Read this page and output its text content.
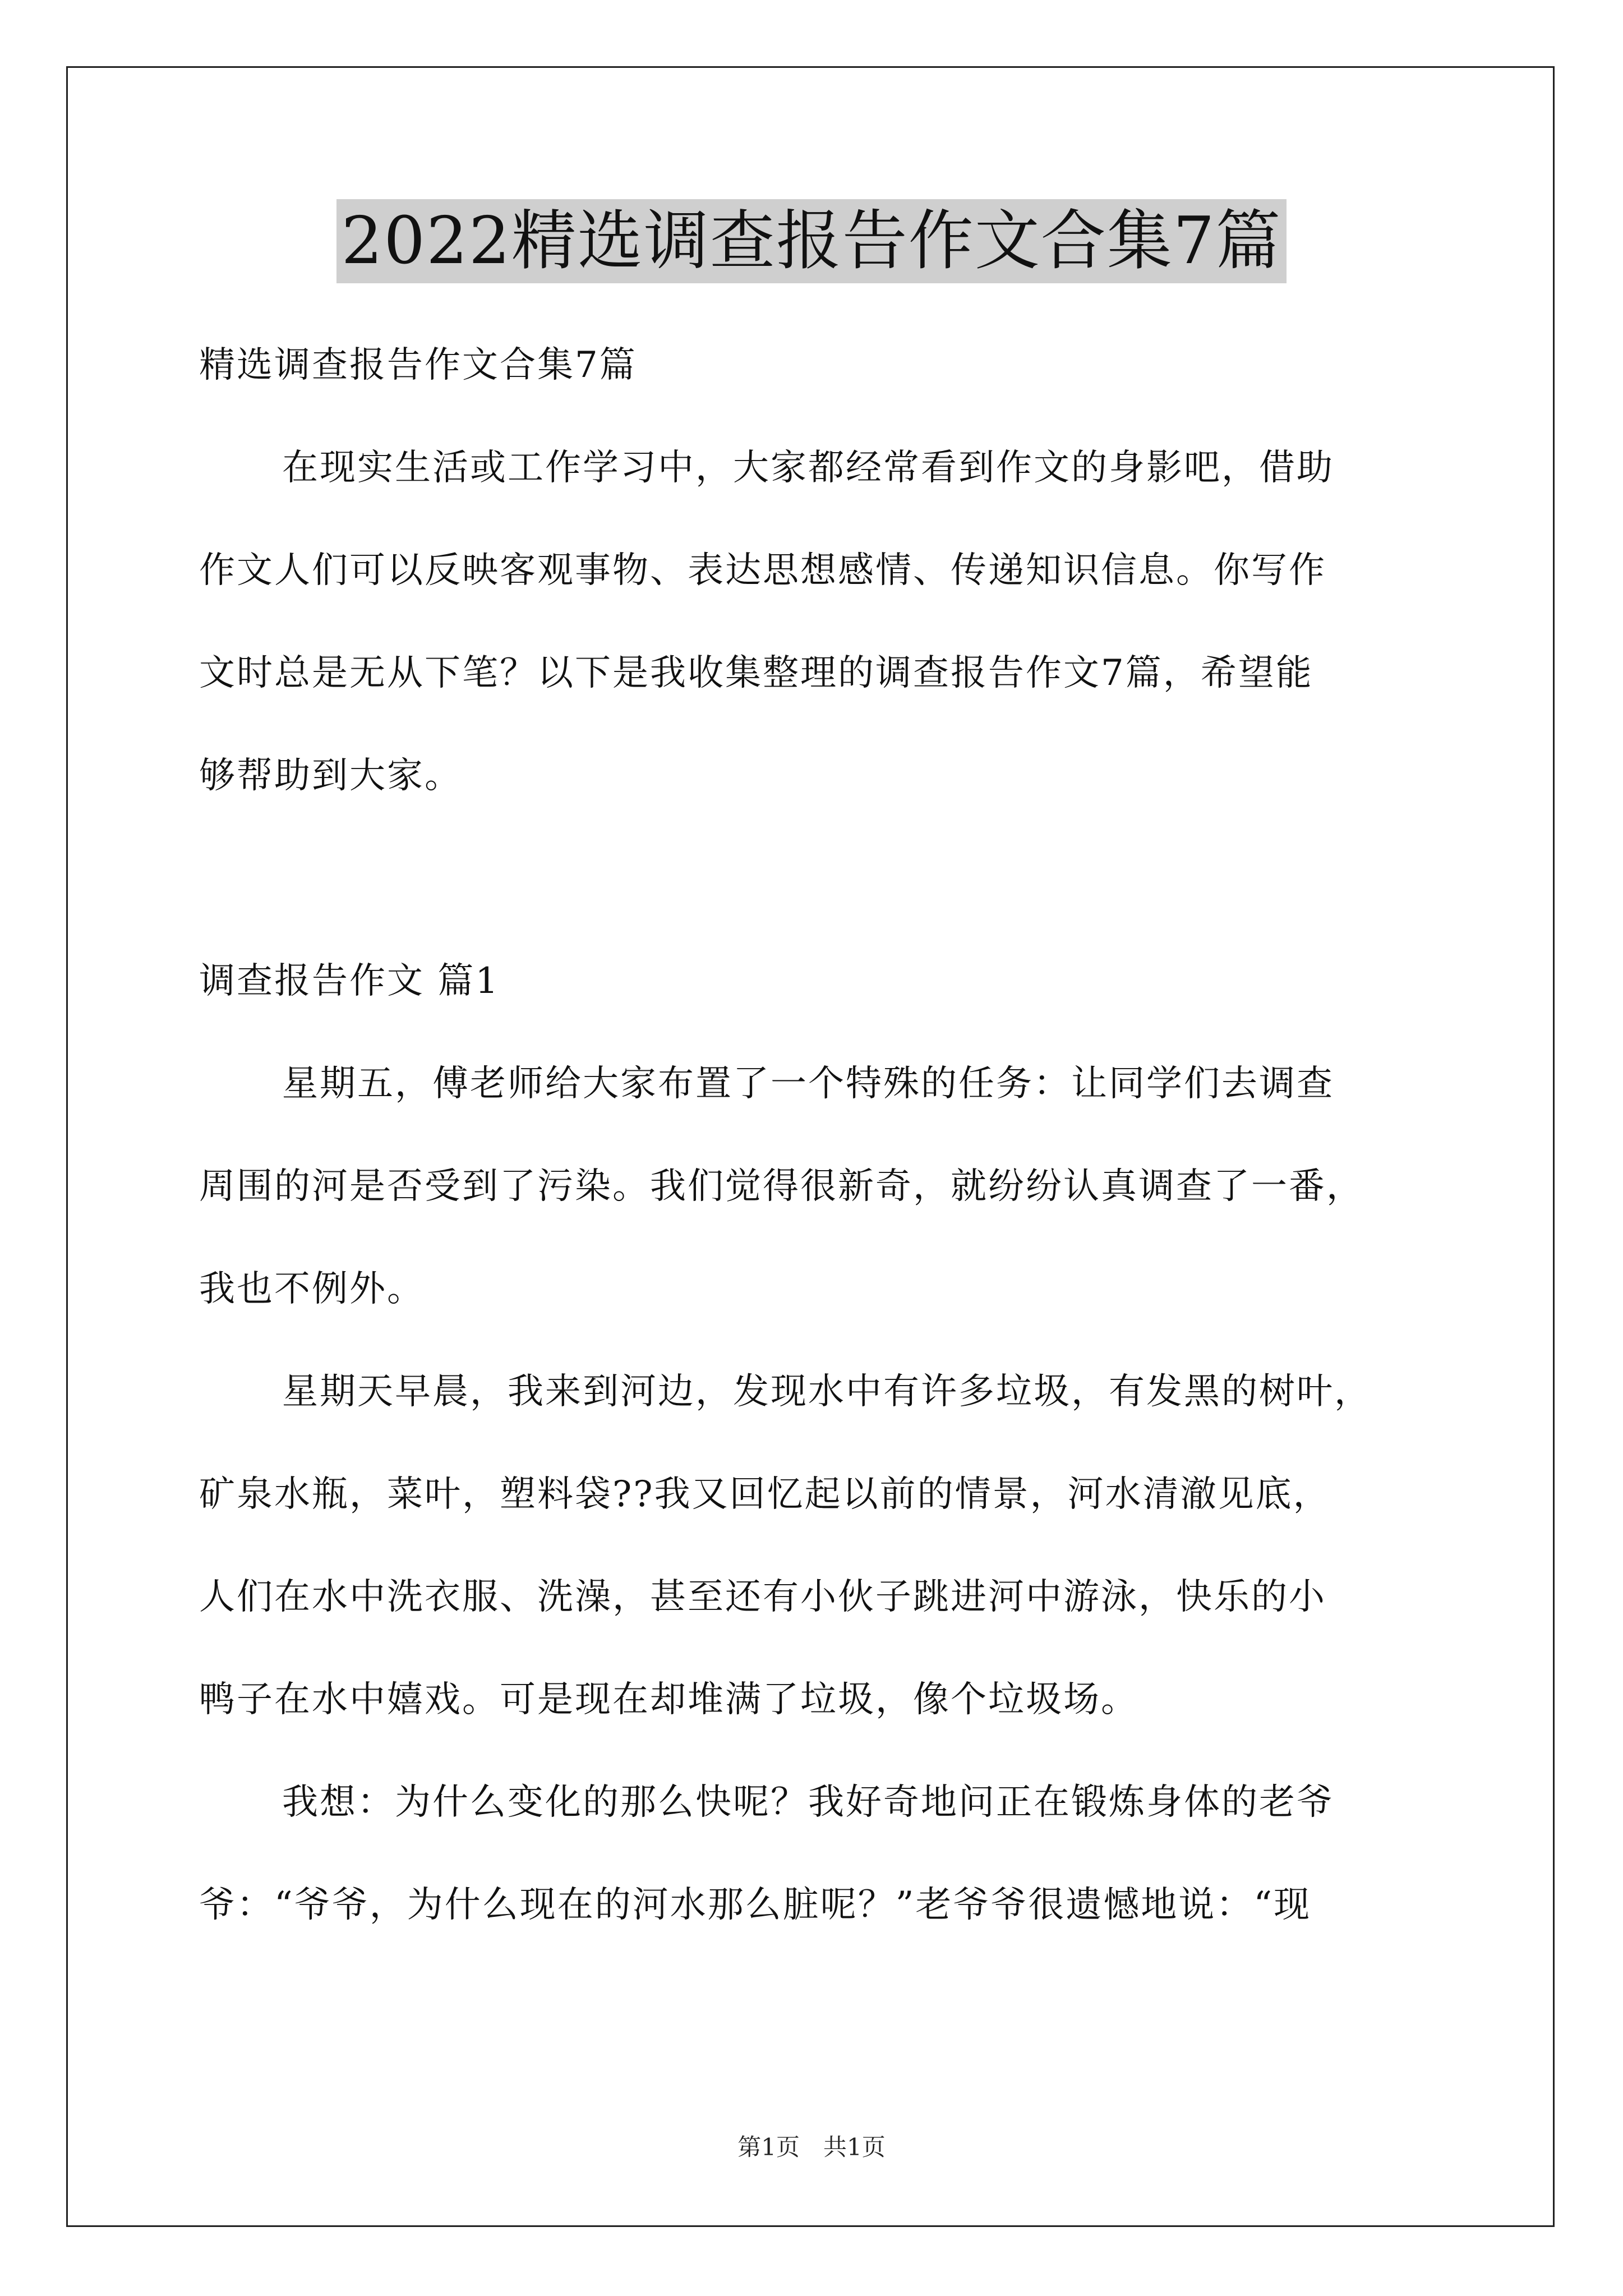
2022精选调查报告作文合集7篇
精选调查报告作文合集7篇
在现实生活或工作学习中，大家都经常看到作文的身影吧，借助
作文人们可以反映客观事物、表达思想感情、传递知识信息。你写作
文时总是无从下笔？以下是我收集整理的调查报告作文7篇，希望能
够帮助到大家。
调查报告作文 篇1
星期五，傅老师给大家布置了一个特殊的任务：让同学们去调查
周围的河是否受到了污染。我们觉得很新奇，就纷纷认真调查了一番，
我也不例外。
星期天早晨，我来到河边，发现水中有许多垃圾，有发黑的树叶，
矿泉水瓶，菜叶，塑料袋??我又回忆起以前的情景，河水清澈见底，
人们在水中洗衣服、洗澡，甚至还有小伙子跳进河中游泳，快乐的小
鸭子在水中嬉戏。可是现在却堆满了垃圾，像个垃圾场。
我想：为什么变化的那么快呢？我好奇地问正在锻炼身体的老爷
爷：“爷爷，为什么现在的河水那么脏呢？”老爷爷很遗憾地说：“现
第1页　共1页
